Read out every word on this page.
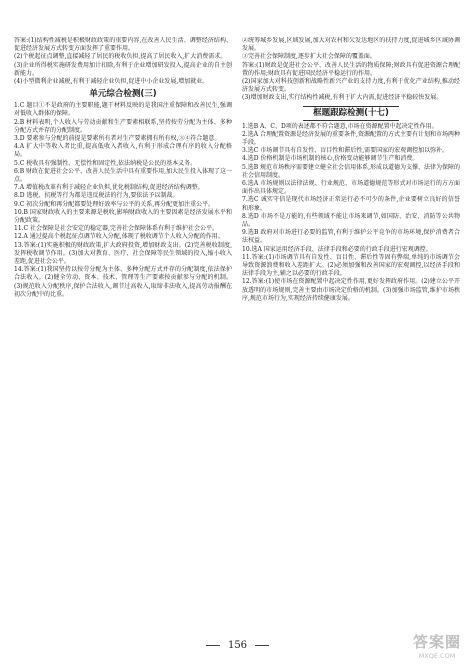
答案:(1)结构性减税是积极财政政策的重要内容,在改善人民生活、调整经济结构、促进经济发展方式转变方面发挥了重要作用。

(2)个税起征点调整,直接减轻了居民的税收负担,提高了居民收入,扩大消费需求。

(3)企业所得税实施研发费用加计扣除,有利于企业增加研发投入,提高企业的自主创新能力。

(4)小型微利企业减税,有利于减轻企业负担,促进中小企业发展,增加就业。

单元综合检测(三)

1.C 题目①不是政府的主要职能,题干材料反映的是我国注重保障和改善民生,强调对低收入群体的保障。

2.B 材料表明,个人收入与劳动贡献和生产要素相联系,坚持按劳分配为主体、多种分配方式并存的分配制度。

3.D 要素参与分配的前提是要素所有者对生产要素拥有所有权,③④符合题意。

4.A 扩大中等收入者比重,提高低收入者收入,有利于形成合理有序的收入分配格局。

5.C 税收具有强制性、无偿性和固定性,依法纳税是公民的基本义务。

6.B 财政在促进社会公平、改善人民生活中具有重要作用,加大民生投入体现了这一点。

7.A 增值税改革有利于减轻企业负担,优化税制结构,促进经济结构调整。

8.D 逃税、抗税等行为都是违反税法的行为,要依法予以制裁。

9.C 初次分配和再分配都要处理好效率与公平的关系,再分配更加注重公平。

10.B 国家财政收入的主要来源是税收,影响财政收入的主要因素是经济发展水平和分配政策。

11.C 社会保障是社会安定的稳定器,完善社会保障体系有利于维护社会公平。

12.A 通过提高个税起征点调节收入分配,体现了税收调节个人收入分配的作用。

13.答案:(1)实施积极的财政政策,扩大政府投资,增加财政支出。(2)完善税收制度,发挥税收调节作用。(3)加大对教育、医疗、社会保障等民生领域的投入,缩小收入差距,促进社会公平。

14.答案:(1)我国坚持以按劳分配为主体、多种分配方式并存的分配制度,依法保护合法收入。(2)健全劳动、资本、技术、管理等生产要素按贡献参与分配的机制。(3)规范收入分配秩序,保护合法收入,调节过高收入,取缔非法收入,提高劳动报酬在初次分配中的比重。

②统筹城乡发展,区域发展,加大对农村和欠发达地区的扶持力度,促进城乡区域协调发展。

③完善社会保障制度,逐步扩大社会保障的覆盖面。

答案:(1)财政是促进社会公平、改善人民生活的物质保障;财政具有促进资源合理配置的作用;财政具有促进国民经济平稳运行的作用。

(2)国家加大对科技创新和战略性新兴产业的支持力度,有利于优化产业结构,推动经济发展方式转变。

(3)增加财政支出,实行结构性减税,有利于扩大内需,促进经济平稳较快发展。

框题跟踪检测(十七)

1.选B A、C、D项的表述都不符合题意,市场在资源配置中起决定性作用。

2.选A 合理配置资源是经济发展的重要条件,资源配置的方式主要有计划和市场两种手段。

3.选C 市场调节具有自发性、盲目性和滞后性,需要国家的宏观调控加以弥补。

4.选D 价格机制是市场机制的核心,价格变动能够调节生产和消费。

5.选B 规范市场秩序需要建立健全社会信用体系,形成以道德为支撑、法律为保障的社会信用制度。

6.选A 市场规则以法律法规、行业规范、市场道德规范等形式对市场运行的方方面面作出具体规定。

7.选C 诚实守信是现代市场经济正常运行必不可少的条件,企业要树立良好的信誉和形象。

8.选D 市场不是万能的,有些领域不能让市场来调节,如国防、治安、消防等公共物品。

9.选B 政府对市场进行必要的监管,有利于维护公平竞争的市场环境,保护消费者合法权益。

10.选A 国家运用经济手段、法律手段和必要的行政手段进行宏观调控。

11.答案:(1)市场调节具有自发性、盲目性、滞后性等固有弊端,单纯的市场调节会导致资源浪费和收入差距扩大。(2)必须加强和改善国家的宏观调控,以经济手段和法律手段为主,辅之以必要的行政手段。

12.答案:(1)使市场在资源配置中起决定性作用,更好发挥政府作用。(2)建立公平开放透明的市场规则,完善主要由市场决定价格的机制。(3)加强市场监管,维护市场秩序,规范市场行为,实现经济持续健康发展。

156	答案圈
MXQE.COM
